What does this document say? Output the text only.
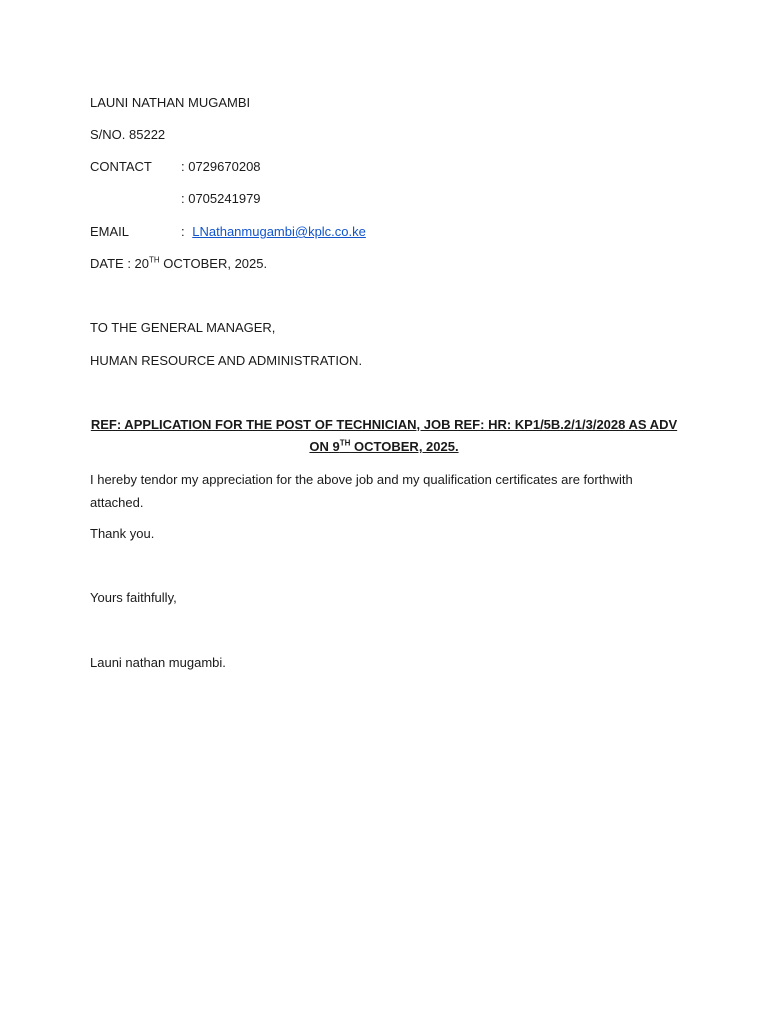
LAUNI NATHAN MUGAMBI
S/NO. 85222
CONTACT : 0729670208
: 0705241979
EMAIL	: LNathanmugambi@kplc.co.ke
DATE : 20TH OCTOBER, 2025.
TO THE GENERAL MANAGER,
HUMAN RESOURCE AND ADMINISTRATION.
REF: APPLICATION FOR THE POST OF TECHNICIAN, JOB REF: HR: KP1/5B.2/1/3/2028 AS ADV
ON 9TH OCTOBER, 2025.
I hereby tendor my appreciation for the above job and my qualification certificates are forthwith attached.
Thank you.
Yours faithfully,
Launi nathan mugambi.
